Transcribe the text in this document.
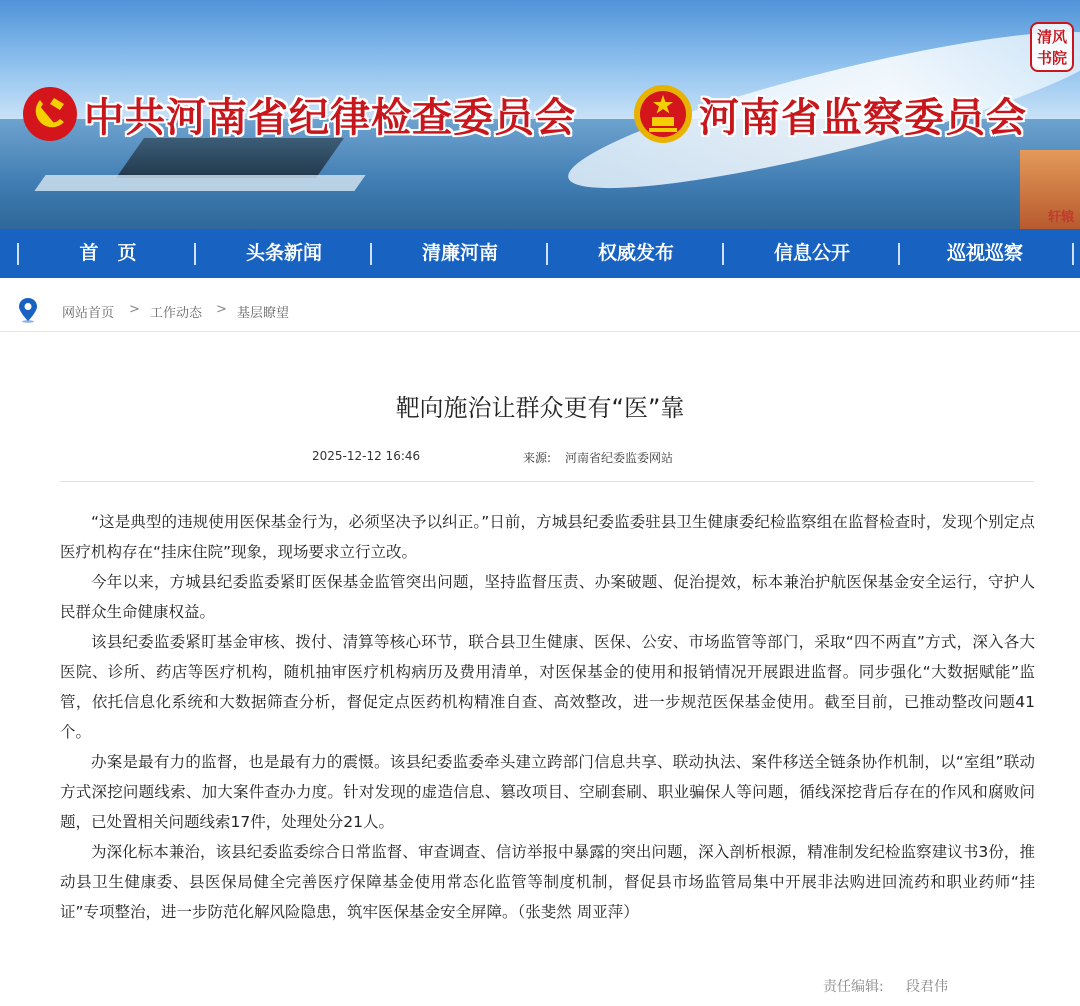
轩辕
中共河南省纪律检查委员会	河南省监察委员会
清风
书院
首　页	头条新闻	清廉河南	权威发布	信息公开	巡视巡察
网站首页 > 工作动态 > 基层瞭望
靶向施治让群众更有“医”靠
2025-12-12 16:46	来源: 河南省纪委监委网站

“这是典型的违规使用医保基金行为，必须坚决予以纠正。”日前，方城县纪委监委驻县卫生健康委纪检监察组在监督检查时，发现个别定点医疗机构存在“挂床住院”现象，现场要求立行立改。

今年以来，方城县纪委监委紧盯医保基金监管突出问题，坚持监督压责、办案破题、促治提效，标本兼治护航医保基金安全运行，守护人民群众生命健康权益。

该县纪委监委紧盯基金审核、拨付、清算等核心环节，联合县卫生健康、医保、公安、市场监管等部门，采取“四不两直”方式，深入各大医院、诊所、药店等医疗机构，随机抽审医疗机构病历及费用清单，对医保基金的使用和报销情况开展跟进监督。同步强化“大数据赋能”监管，依托信息化系统和大数据筛查分析，督促定点医药机构精准自查、高效整改，进一步规范医保基金使用。截至目前，已推动整改问题41个。

办案是最有力的监督，也是最有力的震慑。该县纪委监委牵头建立跨部门信息共享、联动执法、案件移送全链条协作机制，以“室组”联动方式深挖问题线索、加大案件查办力度。针对发现的虚造信息、篡改项目、空刷套刷、职业骗保人等问题，循线深挖背后存在的作风和腐败问题，已处置相关问题线索17件，处理处分21人。

为深化标本兼治，该县纪委监委综合日常监督、审查调查、信访举报中暴露的突出问题，深入剖析根源，精准制发纪检监察建议书3份，推动县卫生健康委、县医保局健全完善医疗保障基金使用常态化监管等制度机制，督促县市场监管局集中开展非法购进回流药和职业药师“挂证”专项整治，进一步防范化解风险隐患，筑牢医保基金安全屏障。（张斐然 周亚萍）

责任编辑: 段君伟
